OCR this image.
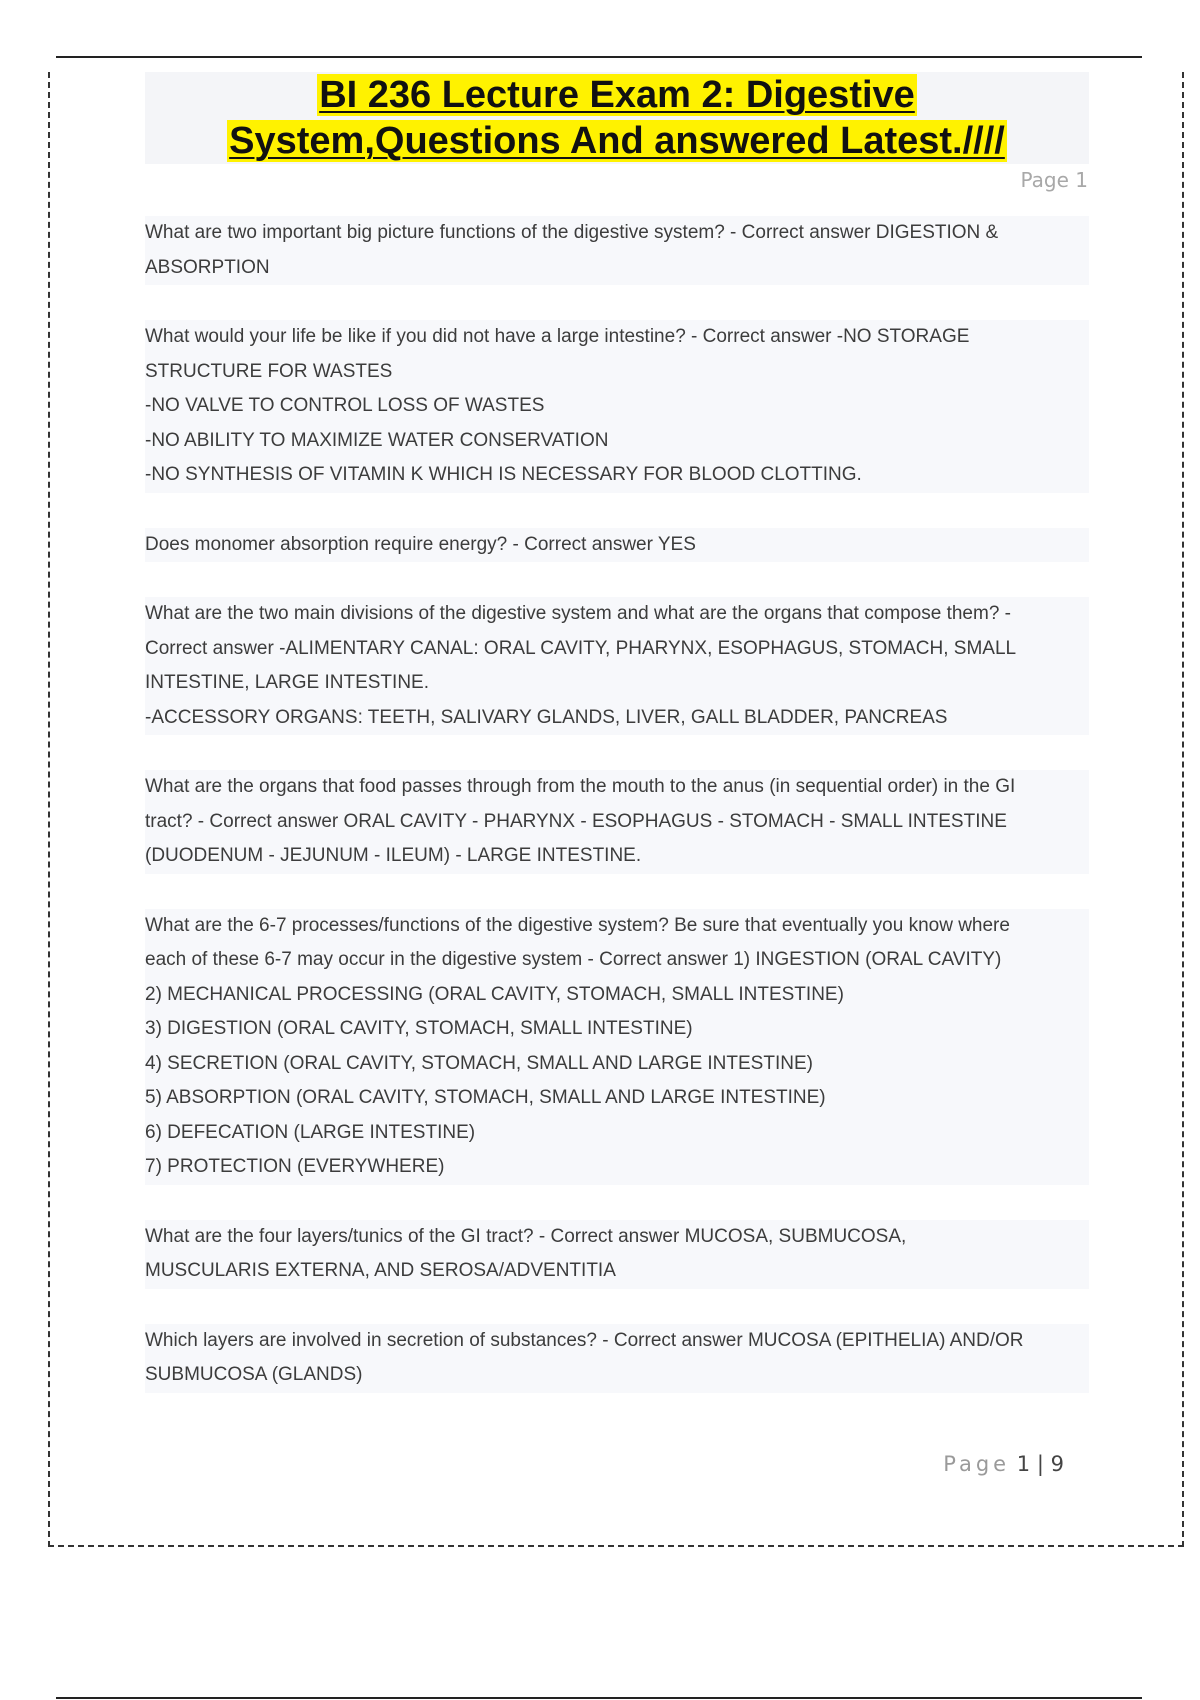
BI 236 Lecture Exam 2: Digestive
System,Questions And answered Latest.////
Page 1

What are two important big picture functions of the digestive system? - Correct answer DIGESTION &

ABSORPTION

What would your life be like if you did not have a large intestine? - Correct answer -NO STORAGE

STRUCTURE FOR WASTES

-NO VALVE TO CONTROL LOSS OF WASTES

-NO ABILITY TO MAXIMIZE WATER CONSERVATION

-NO SYNTHESIS OF VITAMIN K WHICH IS NECESSARY FOR BLOOD CLOTTING.

Does monomer absorption require energy? - Correct answer YES

What are the two main divisions of the digestive system and what are the organs that compose them? -

Correct answer -ALIMENTARY CANAL: ORAL CAVITY, PHARYNX, ESOPHAGUS, STOMACH, SMALL

INTESTINE, LARGE INTESTINE.

-ACCESSORY ORGANS: TEETH, SALIVARY GLANDS, LIVER, GALL BLADDER, PANCREAS

What are the organs that food passes through from the mouth to the anus (in sequential order) in the GI

tract? - Correct answer ORAL CAVITY - PHARYNX - ESOPHAGUS - STOMACH - SMALL INTESTINE

(DUODENUM - JEJUNUM - ILEUM) - LARGE INTESTINE.

What are the 6-7 processes/functions of the digestive system? Be sure that eventually you know where

each of these 6-7 may occur in the digestive system - Correct answer 1) INGESTION (ORAL CAVITY)

2) MECHANICAL PROCESSING (ORAL CAVITY, STOMACH, SMALL INTESTINE)

3) DIGESTION (ORAL CAVITY, STOMACH, SMALL INTESTINE)

4) SECRETION (ORAL CAVITY, STOMACH, SMALL AND LARGE INTESTINE)

5) ABSORPTION (ORAL CAVITY, STOMACH, SMALL AND LARGE INTESTINE)

6) DEFECATION (LARGE INTESTINE)

7) PROTECTION (EVERYWHERE)

What are the four layers/tunics of the GI tract? - Correct answer MUCOSA, SUBMUCOSA,

MUSCULARIS EXTERNA, AND SEROSA/ADVENTITIA

Which layers are involved in secretion of substances? - Correct answer MUCOSA (EPITHELIA) AND/OR

SUBMUCOSA (GLANDS)

Page 1 | 9
